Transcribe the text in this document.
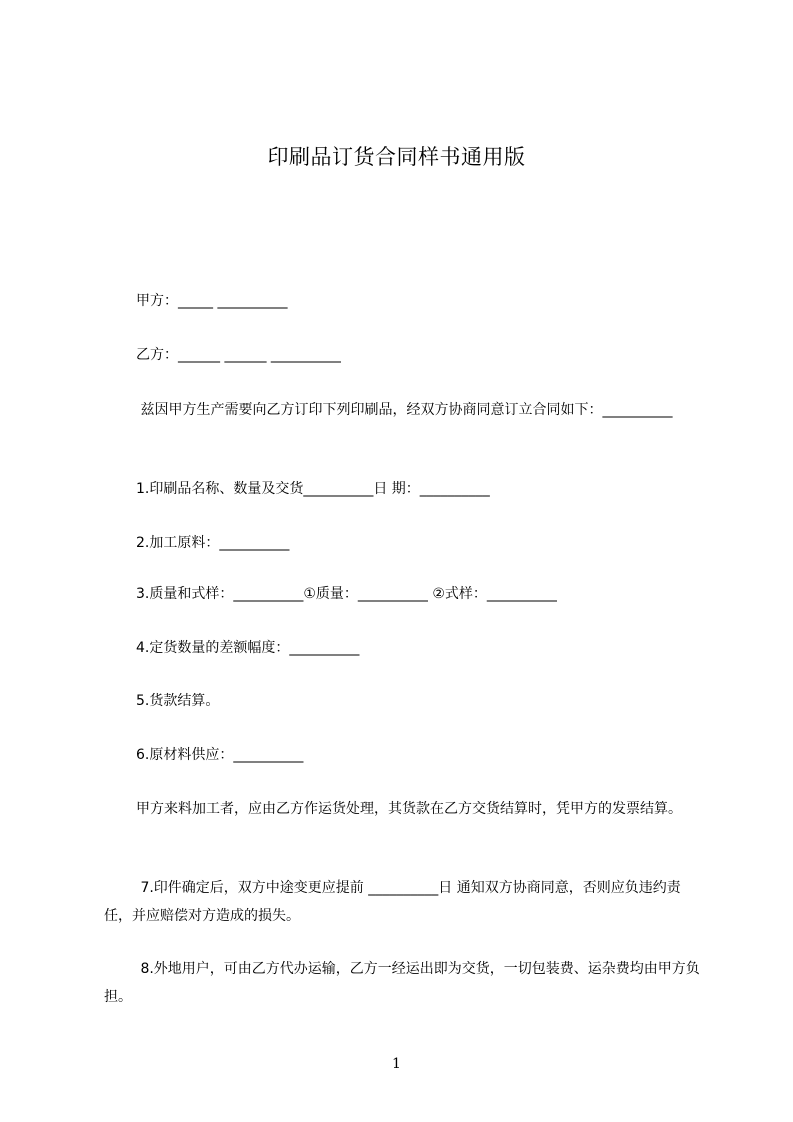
印刷品订货合同样书通用版
甲方：_____ __________
乙方：______ ______ __________
兹因甲方生产需要向乙方订印下列印刷品，经双方协商同意订立合同如下：__________
1.印刷品名称、数量及交货__________日 期：__________
2.加工原料：__________
3.质量和式样：__________①质量：__________ ②式样：__________
4.定货数量的差额幅度：__________
5.货款结算。
6.原材料供应：__________
甲方来料加工者，应由乙方作运货处理，其货款在乙方交货结算时，凭甲方的发票结算。
7.印件确定后，双方中途变更应提前 __________日 通知双方协商同意，否则应负违约责任，并应赔偿对方造成的损失。
8.外地用户，可由乙方代办运输，乙方一经运出即为交货，一切包装费、运杂费均由甲方负担。
1
